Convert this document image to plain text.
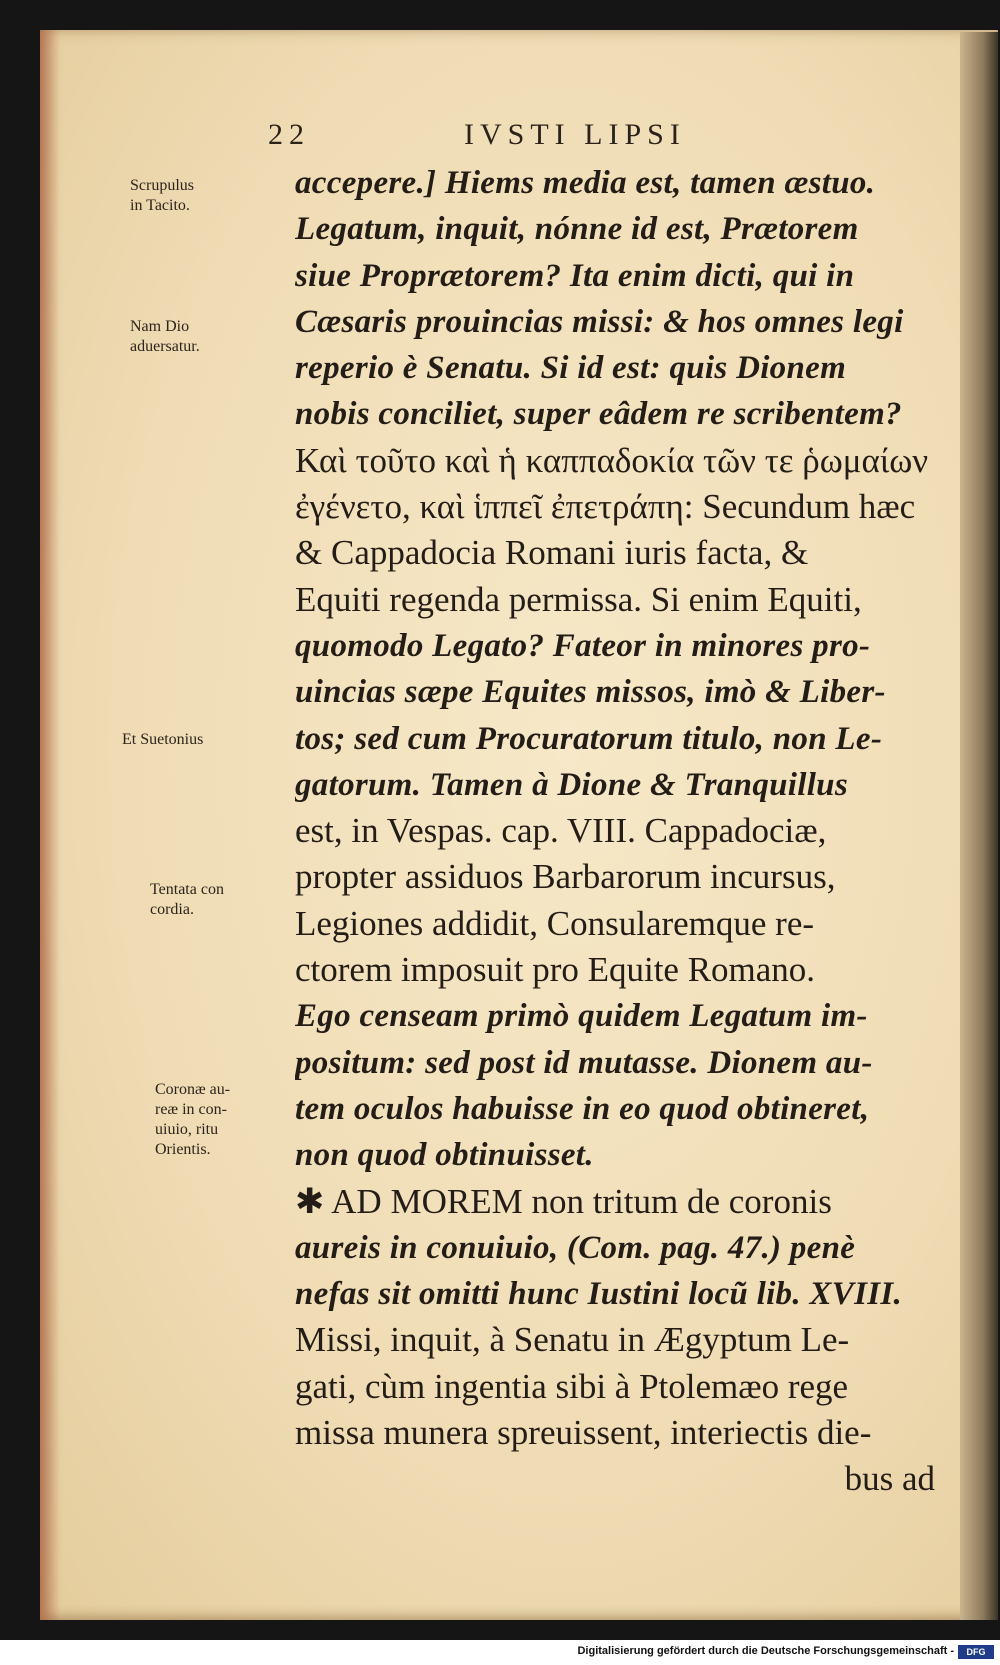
22	IVSTI LIPSI
accepere.] Hiems media est, tamen æstuo.
Legatum, inquit, nónne id est, Prætorem
siue Proprætorem? Ita enim dicti, qui in
Cæsaris prouincias missi: & hos omnes legi
reperio è Senatu. Si id est: quis Dionem
nobis conciliet, super eâdem re scribentem?
Καὶ τοῦτο καὶ ἡ καππαδοκία τῶν τε ῥωμαίων
ἐγένετο, καὶ ἱππεῖ ἐπετράπη: Secundum hæc
& Cappadocia Romani iuris facta, &
Equiti regenda permissa. Si enim Equiti,
quomodo Legato? Fateor in minores pro-
uincias sæpe Equites missos, imò & Liber-
tos; sed cum Procuratorum titulo, non Le-
gatorum. Tamen à Dione & Tranquillus
est, in Vespas. cap. VIII. Cappadociæ,
propter assiduos Barbarorum incursus,
Legiones addidit, Consularemque re-
ctorem imposuit pro Equite Romano.
Ego censeam primò quidem Legatum im-
positum: sed post id mutasse. Dionem au-
tem oculos habuisse in eo quod obtineret,
non quod obtinuisset.
✱ AD MOREM non tritum de coronis
aureis in conuiuio, (Com. pag. 47.) penè
nefas sit omitti hunc Iustini locũ lib. XVIII.
Missi, inquit, à Senatu in Ægyptum Le-
gati, cùm ingentia sibi à Ptolemæo rege
missa munera spreuissent, interiectis die-
bus ad
Scrupulus
in Tacito.
Nam Dio
aduersatur.
Et Suetonius
Tentata con
cordia.
Coronæ au-
reæ in con-
uiuio, ritu
Orientis.
Digitalisierung gefördert durch die Deutsche Forschungsgemeinschaft -	DFG
